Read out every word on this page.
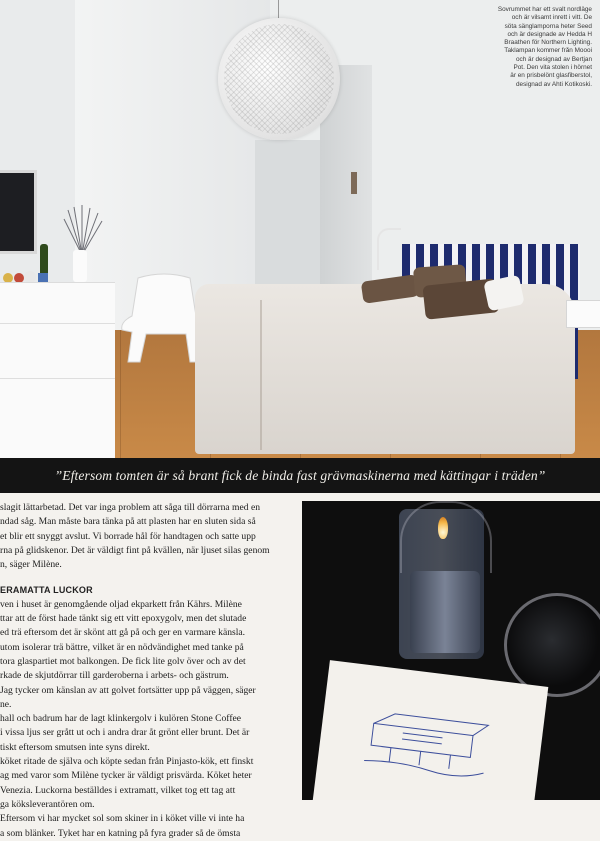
Sovrummet har ett svalt nordläge
och är vilsamt inrett i vitt. De
söta sänglamporna heter Seed
och är designade av Hedda H
Braathen för Northern Lighting.
Taklampan kommer från Moooi
och är designad av Bertjan
Pot. Den vita stolen i hörnet
är en prisbelönt glasfiberstol,
designad av Ahti Kotikoski.
”Eftersom tomten är så brant fick de binda fast grävmaskinerna med kättingar i träden”
slagit lättarbetad. Det var inga problem att såga till dörrarna med en
ndad såg. Man måste bara tänka på att plasten har en sluten sida så
et blir ett snyggt avslut. Vi borrade hål för handtagen och satte upp
rna på glidskenor. Det är väldigt fint på kvällen, när ljuset silas genom
n, säger Milène.
ERAMATTA LUCKOR
ven i huset är genomgående oljad ekparkett från Kährs. Milène
ttar att de först hade tänkt sig ett vitt epoxygolv, men det slutade
ed trä eftersom det är skönt att gå på och ger en varmare känsla.
utom isolerar trä bättre, vilket är en nödvändighet med tanke på
tora glaspartiet mot balkongen. De fick lite golv över och av det
rkade de skjutdörrar till garderoberna i arbets- och gästrum.
Jag tycker om känslan av att golvet fortsätter upp på väggen, säger
ne.
hall och badrum har de lagt klinkergolv i kulören Stone Coffee
i vissa ljus ser grått ut och i andra drar åt grönt eller brunt. Det är
tiskt eftersom smutsen inte syns direkt.
köket ritade de själva och köpte sedan från Pinjasto-kök, ett finskt
ag med varor som Milène tycker är väldigt prisvärda. Köket heter
Venezia. Luckorna beställdes i extramatt, vilket tog ett tag att
ga köksleverantören om.
Eftersom vi har mycket sol som skiner in i köket ville vi inte ha
a som blänker. Tyket har en katning på fyra grader så de ömsta
